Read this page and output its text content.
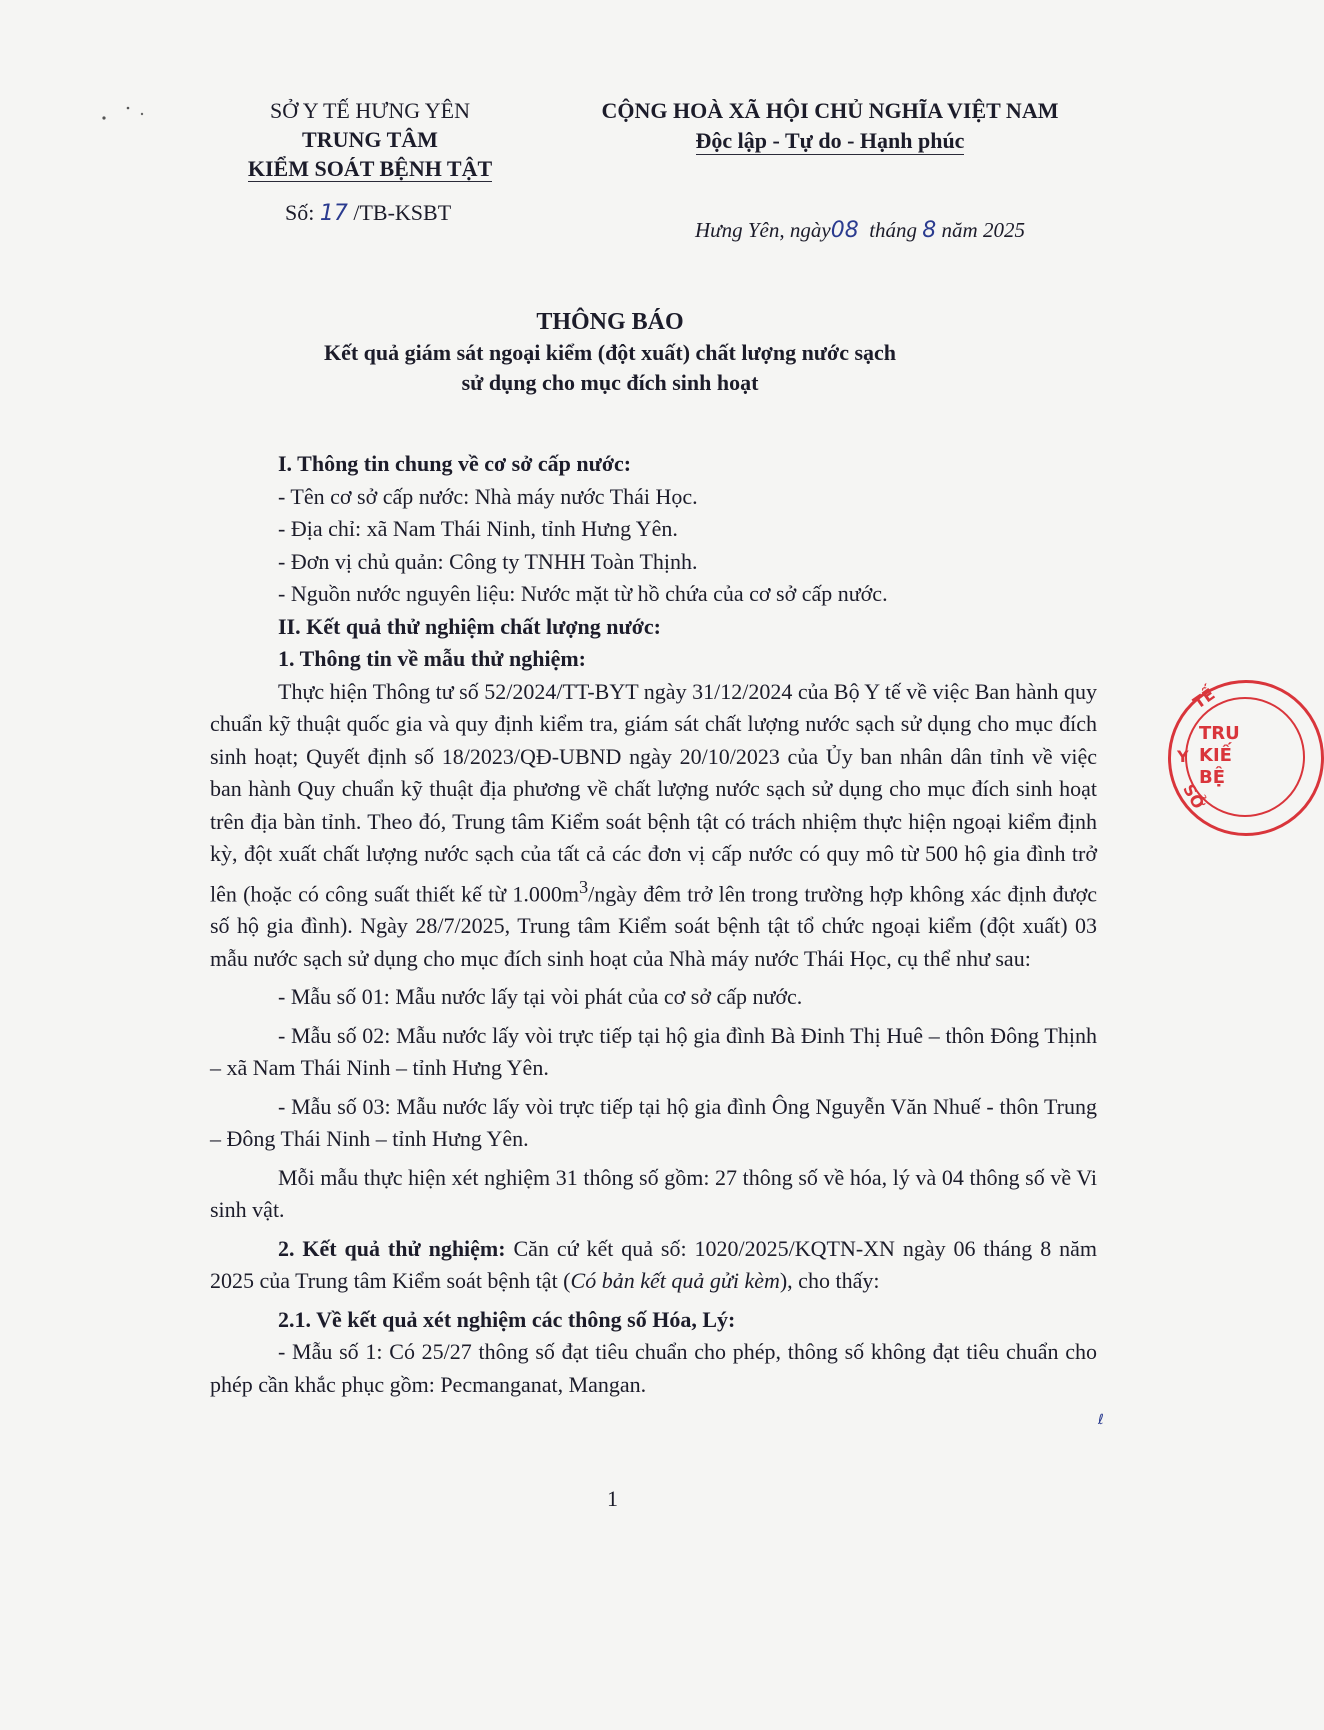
SỞ Y TẾ HƯNG YÊN
TRUNG TÂM
KIỂM SOÁT BỆNH TẬT
Số: 17 /TB-KSBT
CỘNG HOÀ XÃ HỘI CHỦ NGHĨA VIỆT NAM
Độc lập - Tự do - Hạnh phúc
Hưng Yên, ngày08 tháng 8 năm 2025
THÔNG BÁO
Kết quả giám sát ngoại kiểm (đột xuất) chất lượng nước sạch
sử dụng cho mục đích sinh hoạt

I. Thông tin chung về cơ sở cấp nước:

- Tên cơ sở cấp nước: Nhà máy nước Thái Học.

- Địa chỉ: xã Nam Thái Ninh, tỉnh Hưng Yên.

- Đơn vị chủ quản: Công ty TNHH Toàn Thịnh.

- Nguồn nước nguyên liệu: Nước mặt từ hồ chứa của cơ sở cấp nước.

II. Kết quả thử nghiệm chất lượng nước:

1. Thông tin về mẫu thử nghiệm:

Thực hiện Thông tư số 52/2024/TT-BYT ngày 31/12/2024 của Bộ Y tế về việc Ban hành quy chuẩn kỹ thuật quốc gia và quy định kiểm tra, giám sát chất lượng nước sạch sử dụng cho mục đích sinh hoạt; Quyết định số 18/2023/QĐ-UBND ngày 20/10/2023 của Ủy ban nhân dân tỉnh về việc ban hành Quy chuẩn kỹ thuật địa phương về chất lượng nước sạch sử dụng cho mục đích sinh hoạt trên địa bàn tỉnh. Theo đó, Trung tâm Kiểm soát bệnh tật có trách nhiệm thực hiện ngoại kiểm định kỳ, đột xuất chất lượng nước sạch của tất cả các đơn vị cấp nước có quy mô từ 500 hộ gia đình trở lên (hoặc có công suất thiết kế từ $1.000m^3$/ngày đêm trở lên trong trường hợp không xác định được số hộ gia đình). Ngày 28/7/2025, Trung tâm Kiểm soát bệnh tật tổ chức ngoại kiểm (đột xuất) 03 mẫu nước sạch sử dụng cho mục đích sinh hoạt của Nhà máy nước Thái Học, cụ thể như sau:

- Mẫu số 01: Mẫu nước lấy tại vòi phát của cơ sở cấp nước.

- Mẫu số 02: Mẫu nước lấy vòi trực tiếp tại hộ gia đình Bà Đinh Thị Huê – thôn Đông Thịnh – xã Nam Thái Ninh – tỉnh Hưng Yên.

- Mẫu số 03: Mẫu nước lấy vòi trực tiếp tại hộ gia đình Ông Nguyễn Văn Nhuế - thôn Trung – Đông Thái Ninh – tỉnh Hưng Yên.

Mỗi mẫu thực hiện xét nghiệm 31 thông số gồm: 27 thông số về hóa, lý và 04 thông số về Vi sinh vật.

2. Kết quả thử nghiệm: Căn cứ kết quả số: 1020/2025/KQTN-XN ngày 06 tháng 8 năm 2025 của Trung tâm Kiểm soát bệnh tật (Có bản kết quả gửi kèm), cho thấy:

2.1. Về kết quả xét nghiệm các thông số Hóa, Lý:

- Mẫu số 1: Có 25/27 thông số đạt tiêu chuẩn cho phép, thông số không đạt tiêu chuẩn cho phép cần khắc phục gồm: Pecmanganat, Mangan.

ℓ
TẾ
Y
SỞ
TRU
KIẾ
BỆ
1
